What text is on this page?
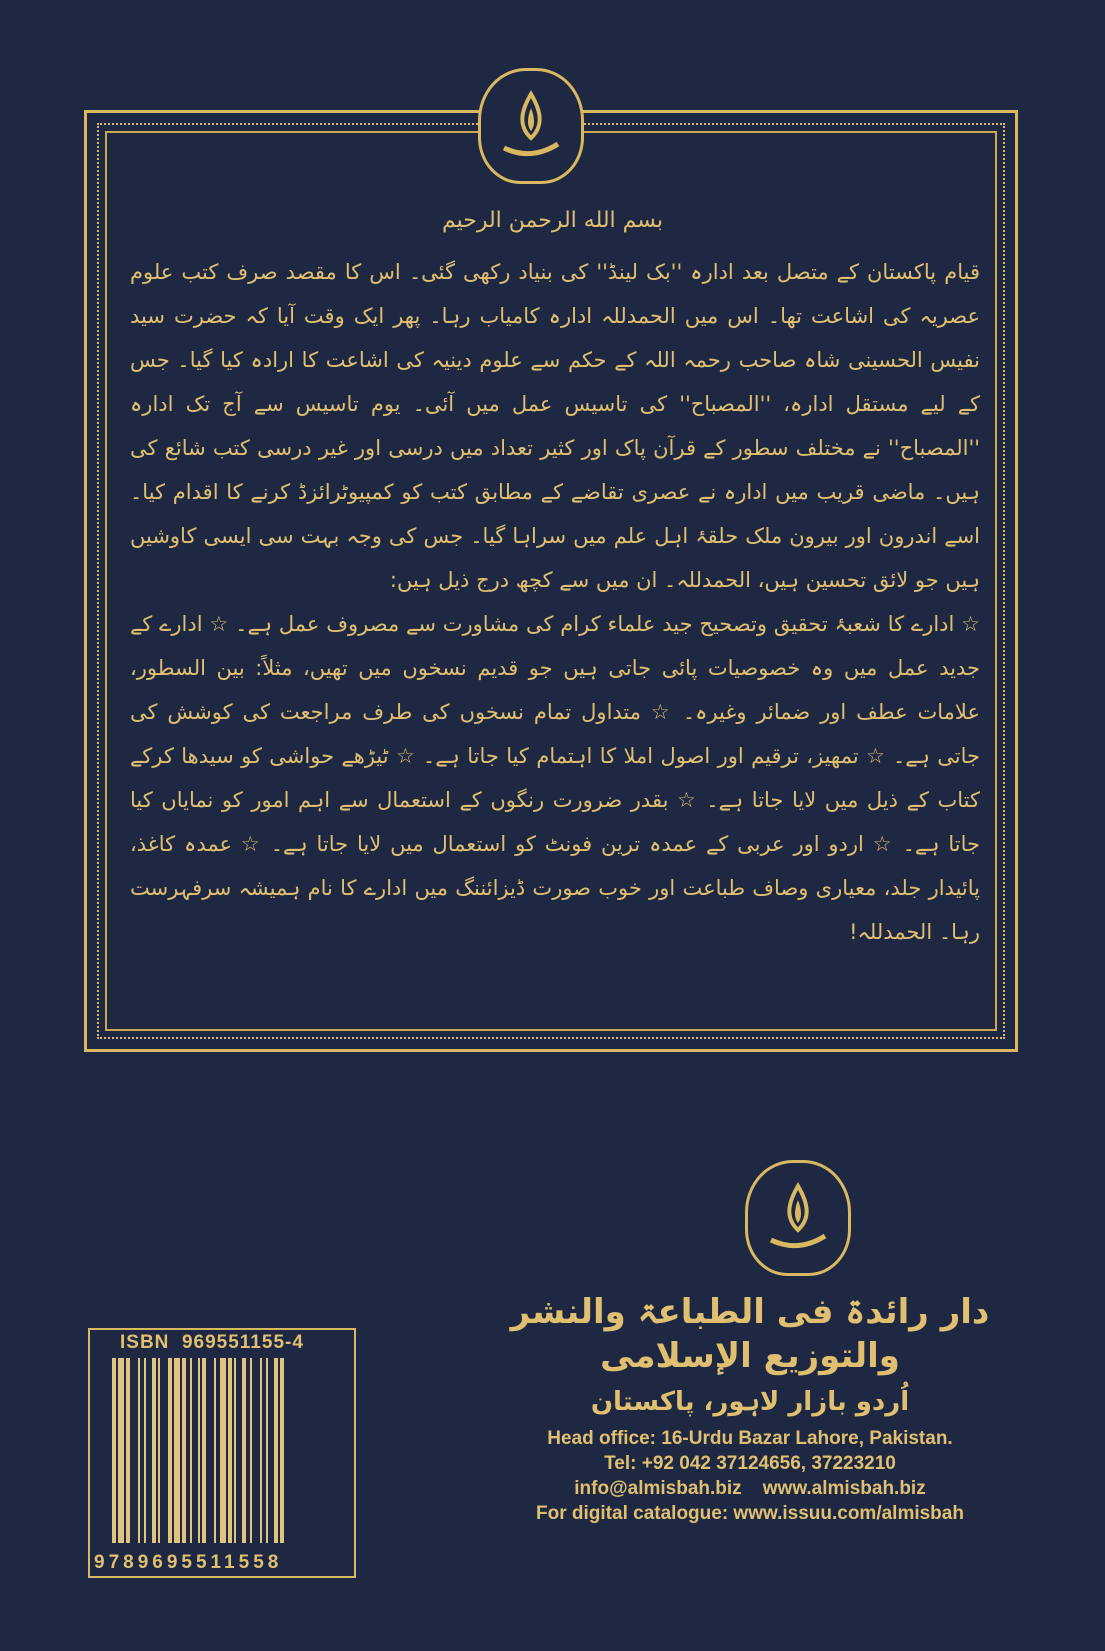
بسم الله الرحمن الرحیم

قیام پاکستان کے متصل بعد ادارہ ''بک لینڈ'' کی بنیاد رکھی گئی۔ اس کا مقصد صرف کتب علوم عصریہ کی اشاعت تھا۔ اس میں الحمدللہ ادارہ کامیاب رہا۔ پھر ایک وقت آیا کہ حضرت سید نفیس الحسینی شاہ صاحب رحمہ اللہ کے حکم سے علوم دینیہ کی اشاعت کا ارادہ کیا گیا۔ جس کے لیے مستقل ادارہ، ''المصباح'' کی تاسیس عمل میں آئی۔ یوم تاسیس سے آج تک ادارہ ''المصباح'' نے مختلف سطور کے قرآن پاک اور کثیر تعداد میں درسی اور غیر درسی کتب شائع کی ہیں۔ ماضی قریب میں ادارہ نے عصری تقاضے کے مطابق کتب کو کمپیوٹرائزڈ کرنے کا اقدام کیا۔ اسے اندرون اور بیرون ملک حلقۂ اہل علم میں سراہا گیا۔ جس کی وجہ بہت سی ایسی کاوشیں ہیں جو لائق تحسین ہیں، الحمدللہ۔ ان میں سے کچھ درج ذیل ہیں:

☆ ادارے کا شعبۂ تحقیق وتصحیح جید علماء کرام کی مشاورت سے مصروف عمل ہے۔ ☆ ادارے کے جدید عمل میں وہ خصوصیات پائی جاتی ہیں جو قدیم نسخوں میں تھیں، مثلاً: بین السطور، علامات عطف اور ضمائر وغیرہ۔ ☆ متداول تمام نسخوں کی طرف مراجعت کی کوشش کی جاتی ہے۔ ☆ تمھیز، ترقیم اور اصول املا کا اہتمام کیا جاتا ہے۔ ☆ ٹیڑھے حواشی کو سیدھا کرکے کتاب کے ذیل میں لایا جاتا ہے۔ ☆ بقدر ضرورت رنگوں کے استعمال سے اہم امور کو نمایاں کیا جاتا ہے۔ ☆ اردو اور عربی کے عمدہ ترین فونٹ کو استعمال میں لایا جاتا ہے۔ ☆ عمدہ کاغذ، پائیدار جلد، معیاری وصاف طباعت اور خوب صورت ڈیزائننگ میں ادارے کا نام ہمیشہ سرفہرست رہا۔ الحمدللہ!

دار رائدۃ فی الطباعۃ والنشر والتوزیع الإسلامی
اُردو بازار لاہور، پاکستان
Head office: 16-Urdu Bazar Lahore, Pakistan.
Tel: +92 042 37124656, 37223210
info@almisbah.biz    www.almisbah.biz
For digital catalogue: www.issuu.com/almisbah
ISBN  969551155-4
9789695511558
